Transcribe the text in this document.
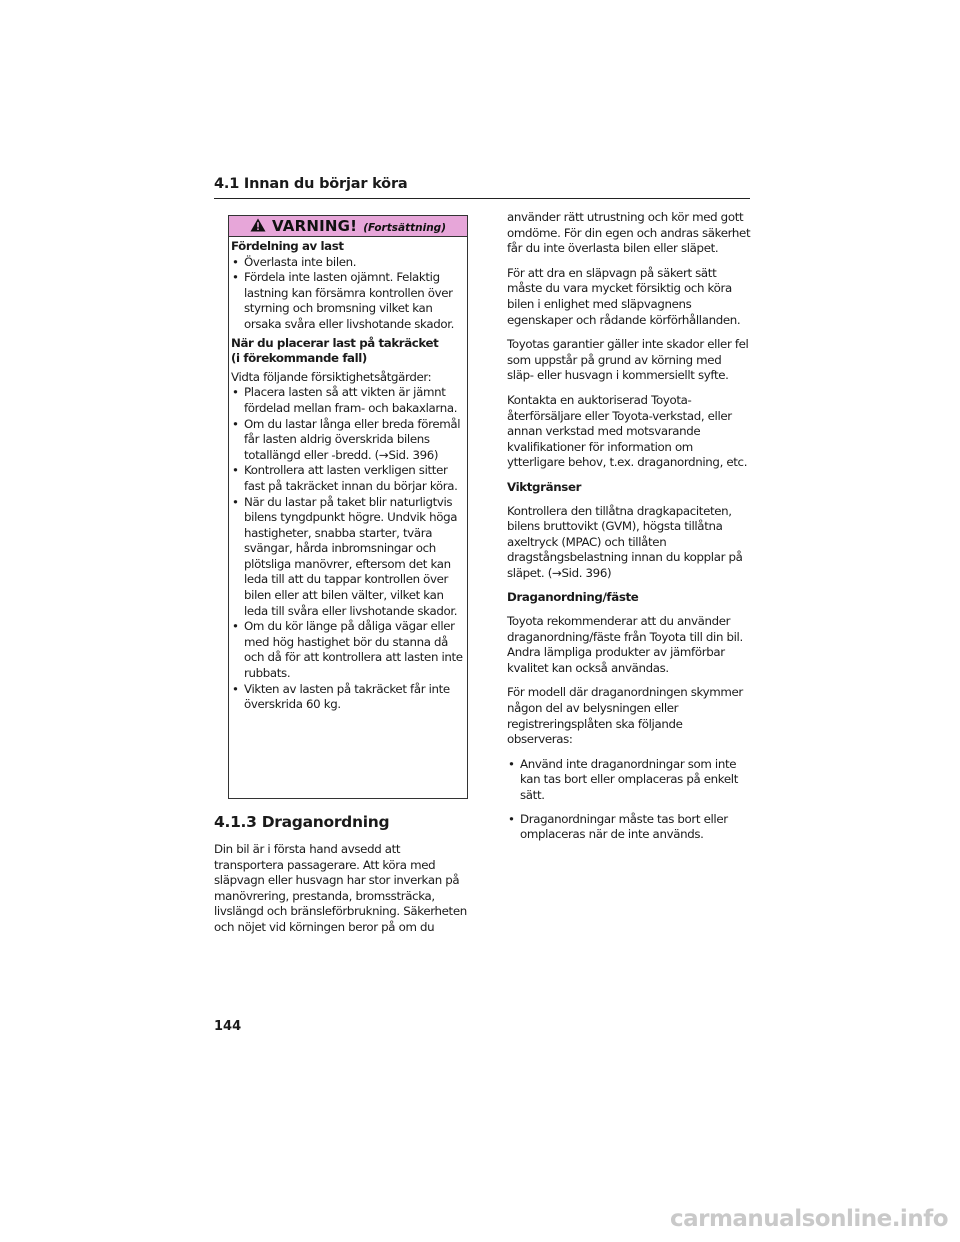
4.1 Innan du börjar köra
VARNING! (Fortsättning)
Fördelning av last
• Överlasta inte bilen.
• Fördela inte lasten ojämnt. Felaktig lastning kan försämra kontrollen över styrning och bromsning vilket kan orsaka svåra eller livshotande skador.
När du placerar last på takräcket
(i förekommande fall)
Vidta följande försiktighetsåtgärder:
• Placera lasten så att vikten är jämnt fördelad mellan fram- och bakaxlarna.
• Om du lastar långa eller breda föremål får lasten aldrig överskrida bilens totallängd eller -bredd. (→Sid. 396)
• Kontrollera att lasten verkligen sitter fast på takräcket innan du börjar köra.
• När du lastar på taket blir naturligtvis bilens tyngdpunkt högre. Undvik höga hastigheter, snabba starter, tvära svängar, hårda inbromsningar och plötsliga manövrer, eftersom det kan leda till att du tappar kontrollen över bilen eller att bilen välter, vilket kan leda till svåra eller livshotande skador.
• Om du kör länge på dåliga vägar eller med hög hastighet bör du stanna då och då för att kontrollera att lasten inte rubbats.
• Vikten av lasten på takräcket får inte överskrida 60 kg.
4.1.3 Draganordning
Din bil är i första hand avsedd att transportera passagerare. Att köra med släpvagn eller husvagn har stor inverkan på manövrering, prestanda, bromssträcka, livslängd och bränsleförbrukning. Säkerheten och nöjet vid körningen beror på om du

använder rätt utrustning och kör med gott omdöme. För din egen och andras säkerhet får du inte överlasta bilen eller släpet.

För att dra en släpvagn på säkert sätt måste du vara mycket försiktig och köra bilen i enlighet med släpvagnens egenskaper och rådande körförhållanden.

Toyotas garantier gäller inte skador eller fel som uppstår på grund av körning med släp- eller husvagn i kommersiellt syfte.

Kontakta en auktoriserad Toyota-återförsäljare eller Toyota-verkstad, eller annan verkstad med motsvarande kvalifikationer för information om ytterligare behov, t.ex. draganordning, etc.

Viktgränser

Kontrollera den tillåtna dragkapaciteten, bilens bruttovikt (GVM), högsta tillåtna axeltryck (MPAC) och tillåten dragstångsbelastning innan du kopplar på släpet. (→Sid. 396)

Draganordning/fäste

Toyota rekommenderar att du använder draganordning/fäste från Toyota till din bil. Andra lämpliga produkter av jämförbar kvalitet kan också användas.

För modell där draganordningen skymmer någon del av belysningen eller registreringsplåten ska följande observeras:

• Använd inte draganordningar som inte kan tas bort eller omplaceras på enkelt sätt.
• Draganordningar måste tas bort eller omplaceras när de inte används.
144
carmanualsonline.info
